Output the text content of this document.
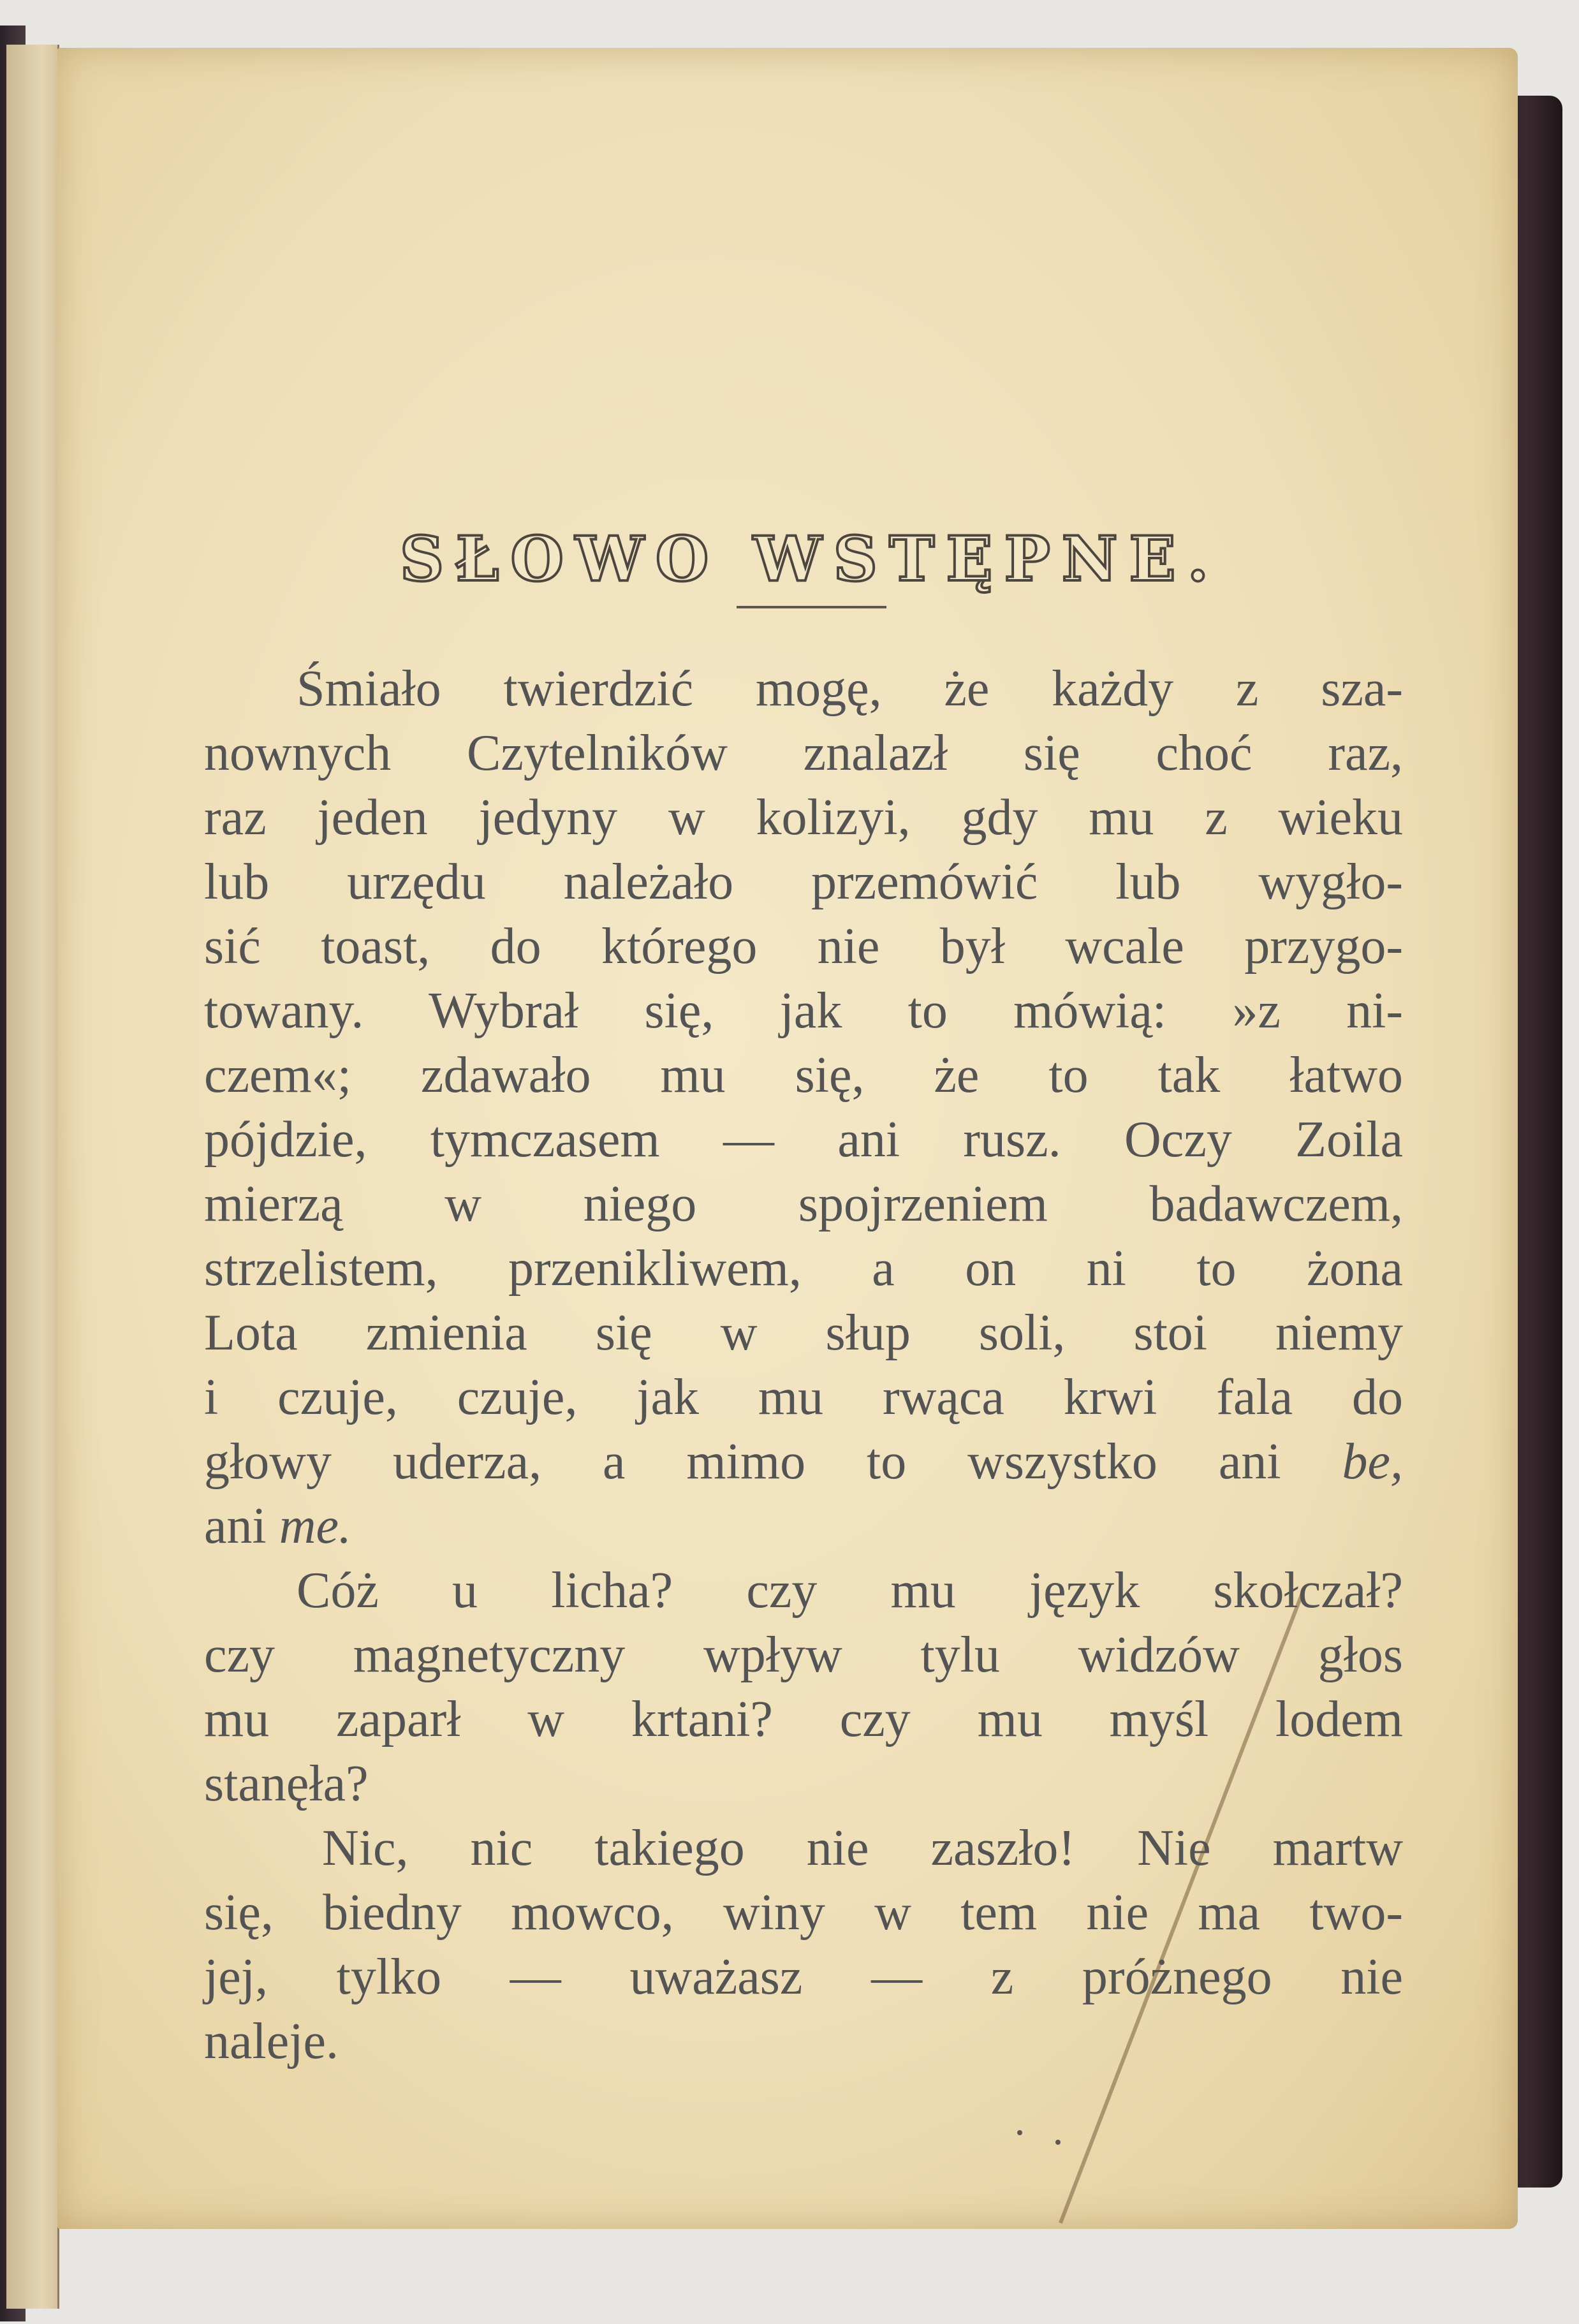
SŁOWO WSTĘPNE.
Śmiało twierdzić mogę, że każdy z sza-
nownych Czytelników znalazł się choć raz,
raz jeden jedyny w kolizyi, gdy mu z wieku
lub urzędu należało przemówić lub wygło-
sić toast, do którego nie był wcale przygo-
towany. Wybrał się, jak to mówią: »z ni-
czem«; zdawało mu się, że to tak łatwo
pójdzie, tymczasem — ani rusz. Oczy Zoila
mierzą w niego spojrzeniem badawczem,
strzelistem, przenikliwem, a on ni to żona
Lota zmienia się w słup soli, stoi niemy
i czuje, czuje, jak mu rwąca krwi fala do
głowy uderza, a mimo to wszystko ani be,
ani me.
Cóż u licha? czy mu język skołczał?
czy magnetyczny wpływ tylu widzów głos
mu zaparł w krtani? czy mu myśl lodem
stanęła?
Nic, nic takiego nie zaszło! Nie martw
się, biedny mowco, winy w tem nie ma two-
jej, tylko — uważasz — z próżnego nie
naleje.
